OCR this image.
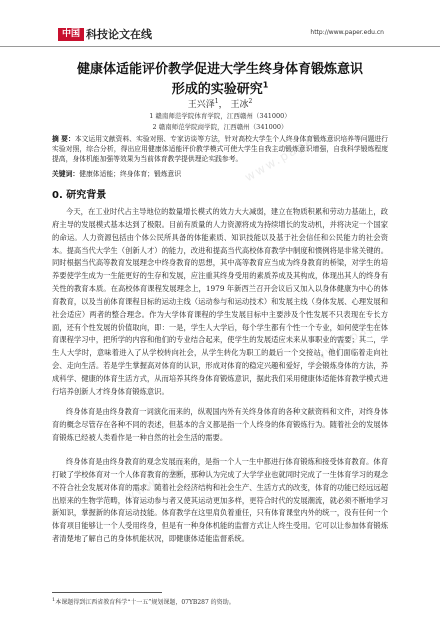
www.paper
www.paper
www.paper
中国 科技论文在线	http://www.paper.edu.cn
健康体适能评价教学促进大学生终身体育锻炼意识
形成的实验研究$^1$
王兴泽$^1$， 王冰$^2$
1 赣南师范学院体育学院，江西赣州（341000）
2 赣南师范学院商学院，江西赣州（341000）
摘 要：本文运用文献资料、实验对照、专家访谈等方法，针对高校大学生个人终身体育锻炼意识培养等问题进行实验对照，综合分析，得出应用健康体适能评价教学模式可使大学生自我主动锻炼意识增强，自我科学锻炼程度提高，身体机能加强等效果为当前体育教学提供理论实践参考。
关键词：健康体适能；终身体育；锻炼意识
0. 研究背景

今天，在工业时代占主导地位的数量增长模式的效力大大减弱，建立在物质积累和劳动力基础上，政府主导的发展模式基本达到了极限。目前有质量的人力资源将成为持续增长的发动机，并将决定一个国家的命运。人力资源包括由个体公民所具备的体能素质、知识技能以及基于社会信任和公民能力的社会资本。提高当代大学生（创新人才）的能力，改进和提高当代高校体育教学中制度和惯例将是非常关键的。同时根据当代高等教育发展理念中终身教育的思想，其中高等教育应当成为终身教育的桥梁，对学生的培养要使学生成为一生能更好的生存和发展，应注重其终身受用的素质养成及其构成，体现出其人的终身有关性的教育本质。在高校体育课程发展理念上，1979 年新西兰召开会议后又加入以身体健康为中心的体育教育，以及当前体育课程目标的运动主线（运动参与和运动技术）和发展主线（身体发展、心理发展和社会适应）两者的整合理念。作为大学体育课程的学生发展目标中主要涉及个性发展不只表现在专长方面，还有个性发展的价值取向，即：一是，学生人大学后，每个学生都有个性一个专业，如何使学生在体育课程学习中，把所学的内容和他们的专业结合起来，使学生的发展适应未来从事职业的需要；其二，学生人大学时，意味着进入了从学校转向社会，从学生转化为职工的最后一个交接站，他们面临着走向社会、走向生活。若是学生掌握高对体育的认识，形成对体育的稳定兴趣和爱好，学会锻炼身体的方法，养成科学、健康的体育生活方式，从而培养其终身体育锻炼意识，据此我们采用健康体适能体育教学模式进行培养创新人才终身体育锻炼意识。

终身体育是由终身教育一词演化而来的，纵观国内外有关终身体育的各种文献资料和文件，对终身体育的概念尽管存在各种不同的表述，但基本的含义都是指一个人终身的体育锻炼行为。随着社会的发展体育锻炼已经被人类看作是一种自然的社会生活的需要。

终身体育是由终身教育的观念发展而来的，是指一个人一生中都进行体育锻炼和接受体育教育。体育打破了学校体育对一个人体育教育的垄断，那种认为完成了大学学业也就同时完成了一生体育学习的观念不符合社会发展对体育的需求。随着社会经济结构和社会生产、生活方式的改变，体育的功能已经远远超出原来的生物学范畴，体育运动参与者又使其运动更加多样，更符合时代的发展潮流，就必须不断地学习新知识，掌握新的体育运动技能。体育教学在这里肩负着重任，只有体育课堂内外的统一，没有任何一个体育项目能够让一个人受用终身，但是有一种身体机能的监督方式让人终生受用。它可以让参加体育锻炼者清楚地了解自己的身体机能状况，即健康体适能监督系统。

$^1$本课题得到江西省教育科学“十一五”规划课题，07YB287 的资助。
